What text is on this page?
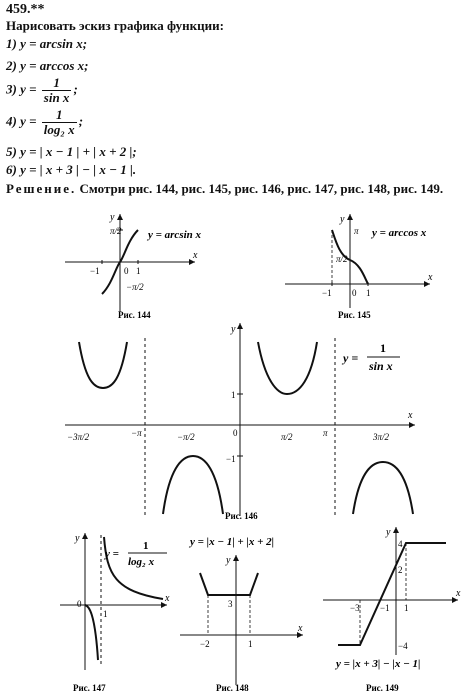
459.**
Нарисовать эскиз графика функции:
1) y = arcsin x;
2) y = arccos x;
3) $y = \frac{1}{\text{sin x}}$ ;
4) $y = \frac{1}{\text{log₂ x}}$ ;
5) y = | x − 1 | + | x + 2 |;
6) y = | x + 3 | − | x − 1 |.
Решение. Смотри рис. 144, рис. 145, рис. 146, рис. 147, рис. 148, рис. 149.
y
x
−1	0 1
π/2
−π/2
y = arcsin x
Рис. 144
y
x
π
π/2
−1 0 1
y = arccos x
Рис. 145
y
x
1
−1
0
−3π/2	−π	−π/2	π/2	π	3π/2
y =
1
sin x
Рис. 146
y
x
0
1
y =
1
log₂ x
Рис. 147
y
x
3
−2	1
y = |x − 1| + |x + 2|
Рис. 148
y
x
4
2
−3 −1 1
−4
y = |x + 3| − |x − 1|
Рис. 149
